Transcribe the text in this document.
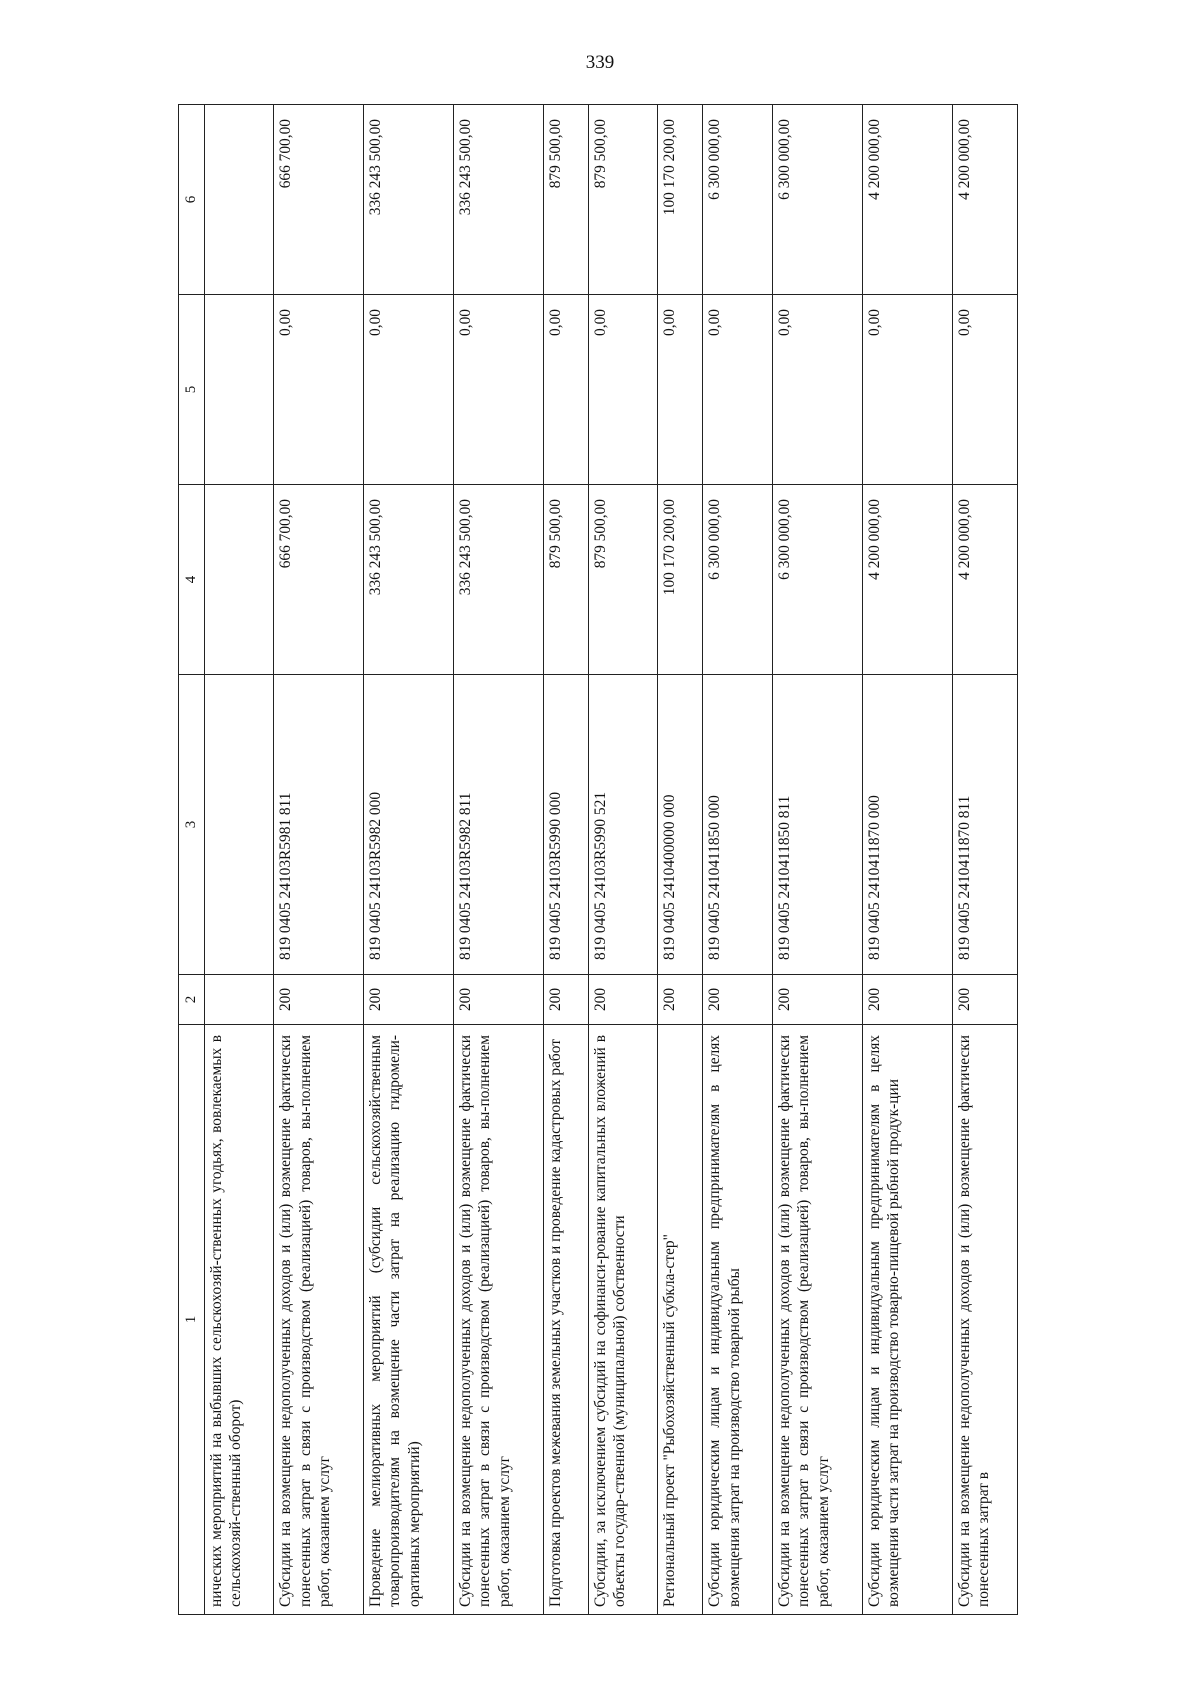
339
1	2	3	4	5	6
нических мероприятий на выбывших сельскохозяй-ственных угодьях, вовлекаемых в сельскохозяй-ственный оборот)					
Субсидии на возмещение недополученных доходов и (или) возмещение фактически понесенных затрат в связи с производством (реализацией) товаров, вы-полнением работ, оказанием услуг	200	819 0405 24103R5981 811	666 700,00	0,00	666 700,00
Проведение мелиоративных мероприятий (субсидии сельскохозяйственным товаропроизводителям на возмещение части затрат на реализацию гидромели-оративных мероприятий)	200	819 0405 24103R5982 000	336 243 500,00	0,00	336 243 500,00
Субсидии на возмещение недополученных доходов и (или) возмещение фактически понесенных затрат в связи с производством (реализацией) товаров, вы-полнением работ, оказанием услуг	200	819 0405 24103R5982 811	336 243 500,00	0,00	336 243 500,00
Подготовка проектов межевания земельных участков и проведение кадастровых работ	200	819 0405 24103R5990 000	879 500,00	0,00	879 500,00
Субсидии, за исключением субсидий на софинанси-рование капитальных вложений в объекты государ-ственной (муниципальной) собственности	200	819 0405 24103R5990 521	879 500,00	0,00	879 500,00
Региональный проект "Рыбохозяйственный субкла-стер"	200	819 0405 2410400000 000	100 170 200,00	0,00	100 170 200,00
Субсидии юридическим лицам и индивидуальным предпринимателям в целях возмещения затрат на производство товарной рыбы	200	819 0405 2410411850 000	6 300 000,00	0,00	6 300 000,00
Субсидии на возмещение недополученных доходов и (или) возмещение фактически понесенных затрат в связи с производством (реализацией) товаров, вы-полнением работ, оказанием услуг	200	819 0405 2410411850 811	6 300 000,00	0,00	6 300 000,00
Субсидии юридическим лицам и индивидуальным предпринимателям в целях возмещения части затрат на производство товарно-пищевой рыбной продук-ции	200	819 0405 2410411870 000	4 200 000,00	0,00	4 200 000,00
Субсидии на возмещение недополученных доходов и (или) возмещение фактически понесенных затрат в	200	819 0405 2410411870 811	4 200 000,00	0,00	4 200 000,00
